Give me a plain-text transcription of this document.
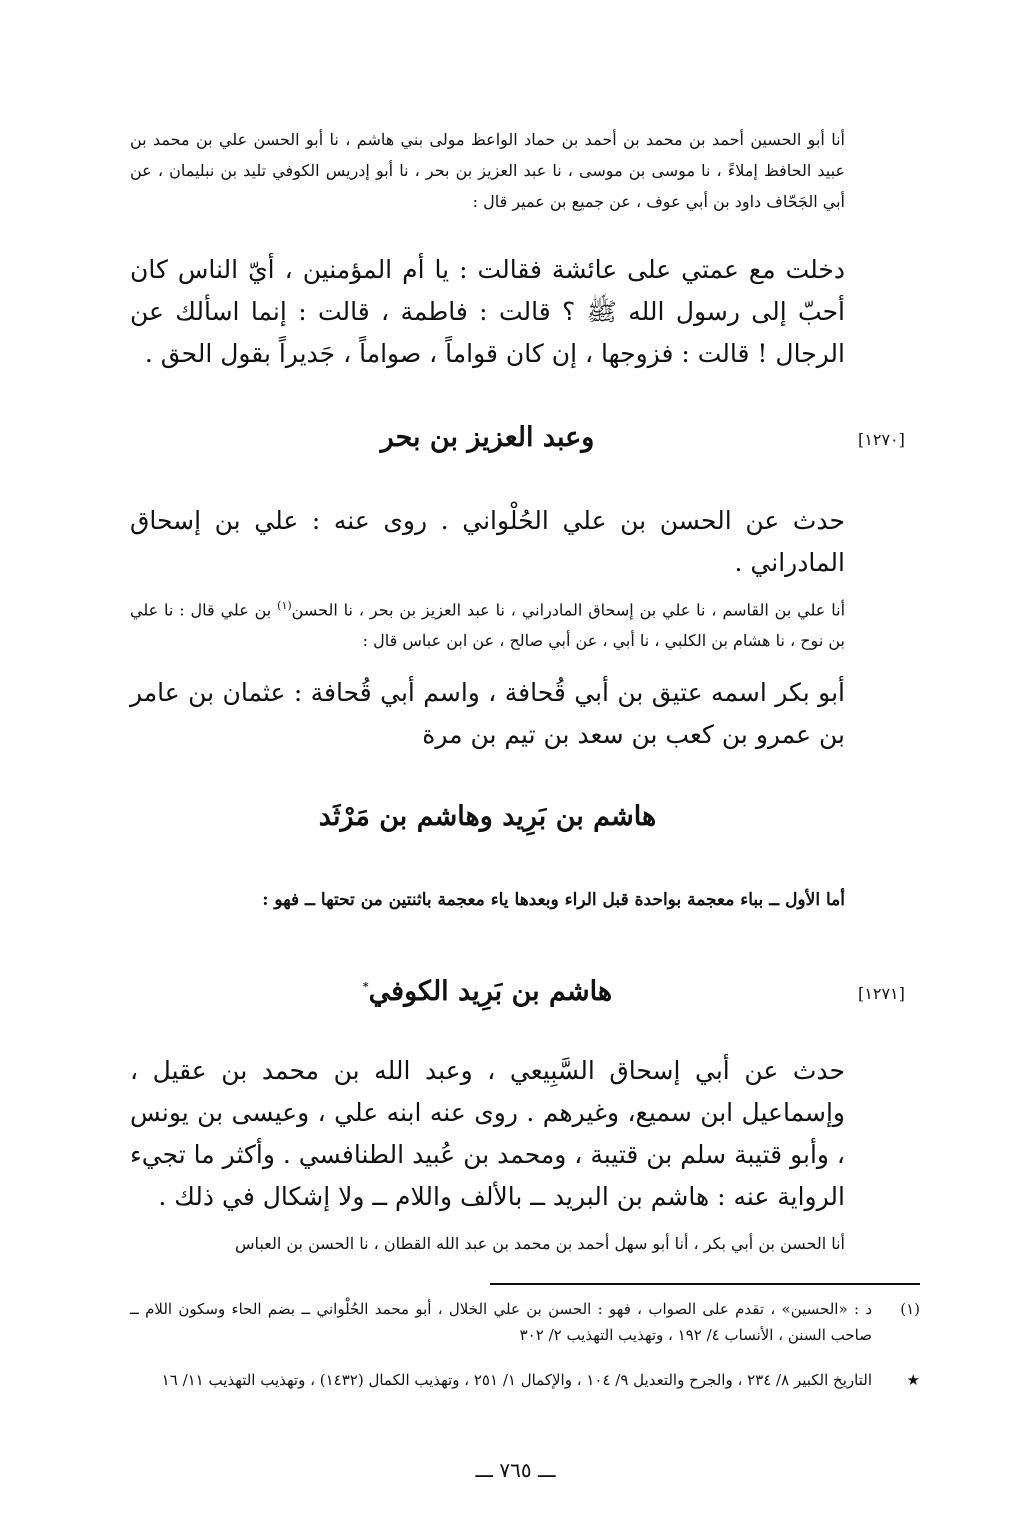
أنا أبو الحسين أحمد بن محمد بن أحمد بن حماد الواعظ مولى بني هاشم ، نا أبو الحسن علي بن محمد بن عبيد الحافظ إملاءً ، نا موسى بن موسى ، نا عبد العزيز بن بحر ، نا أبو إدريس الكوفي تليد بن نبليمان ، عن أبي الجَحّاف داود بن أبي عوف ، عن جميع بن عمير قال :
دخلت مع عمتي على عائشة فقالت : يا أم المؤمنين ، أيّ الناس كان أحبّ إلى رسول الله ﷺ ؟ قالت : فاطمة ، قالت : إنما اسألك عن الرجال ! قالت : فزوجها ، إن كان قواماً ، صواماً ، جَديراً بقول الحق .
[١٢٧٠]
وعبد العزيز بن بحر
حدث عن الحسن بن علي الحُلْواني . روى عنه : علي بن إسحاق المادراني .
أنا علي بن القاسم ، نا علي بن إسحاق المادراني ، نا عبد العزيز بن بحر ، نا الحسن$^{(١)}$ بن علي قال : نا علي بن نوح ، نا هشام بن الكلبي ، نا أبي ، عن أبي صالح ، عن ابن عباس قال :
أبو بكر اسمه عتيق بن أبي قُحافة ، واسم أبي قُحافة : عثمان بن عامر بن عمرو بن كعب بن سعد بن تيم بن مرة
هاشم بن بَرِيد وهاشم بن مَرْثَد
أما الأول ــ بباء معجمة بواحدة قبل الراء وبعدها ياء معجمة باثنتين من تحتها ــ فهو :
[١٢٧١]
هاشم بن بَرِيد الكوفي*
حدث عن أبي إسحاق السَّبِيعي ، وعبد الله بن محمد بن عقيل ، وإسماعيل ابن سميع، وغيرهم . روى عنه ابنه علي ، وعيسى بن يونس ، وأبو قتيبة سلم بن قتيبة ، ومحمد بن عُبيد الطنافسي . وأكثر ما تجيء الرواية عنه : هاشم بن البريد ــ بالألف واللام ــ ولا إشكال في ذلك .
أنا الحسن بن أبي بكر ، أنا أبو سهل أحمد بن محمد بن عبد الله القطان ، نا الحسن بن العباس
(١)
د : «الحسين» ، تقدم على الصواب ، فهو : الحسن بن علي الخلال ، أبو محمد الحُلْواني ــ بضم الحاء وسكون اللام ــ صاحب السنن ، الأنساب ٤/ ١٩٢ ، وتهذيب التهذيب ٢/ ٣٠٢
★
التاريخ الكبير ٨/ ٢٣٤ ، والجرح والتعديل ٩/ ١٠٤ ، والإكمال ١/ ٢٥١ ، وتهذيب الكمال (١٤٣٢) ، وتهذيب التهذيب ١١/ ١٦
ـــ ٧٦٥ ـــ
